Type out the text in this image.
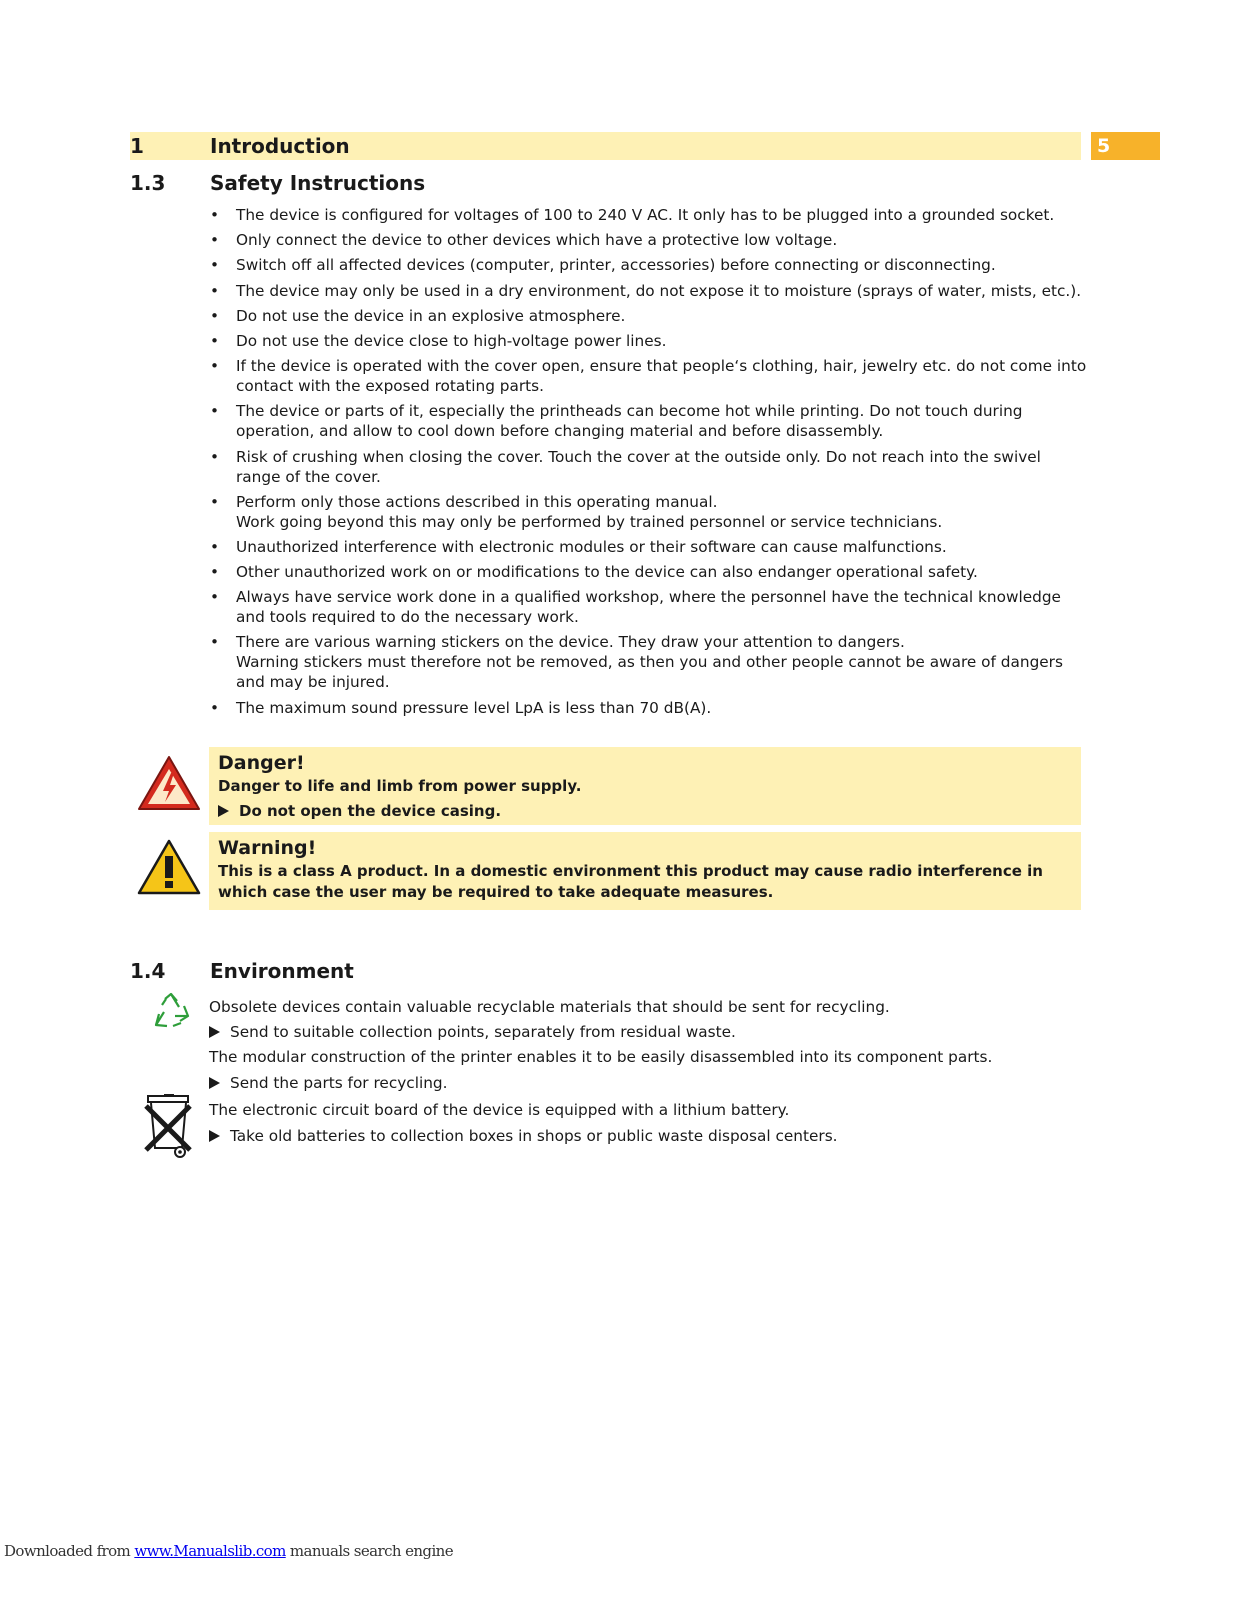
1	Introduction	5
1.3 Safety Instructions
• The device is configured for voltages of 100 to 240 V AC. It only has to be plugged into a grounded socket.
• Only connect the device to other devices which have a protective low voltage.
• Switch off all affected devices (computer, printer, accessories) before connecting or disconnecting.
• The device may only be used in a dry environment, do not expose it to moisture (sprays of water, mists, etc.).
• Do not use the device in an explosive atmosphere.
• Do not use the device close to high-voltage power lines.
• If the device is operated with the cover open, ensure that people‘s clothing, hair, jewelry etc. do not come into contact with the exposed rotating parts.
• The device or parts of it, especially the printheads can become hot while printing. Do not touch during operation, and allow to cool down before changing material and before disassembly.
• Risk of crushing when closing the cover. Touch the cover at the outside only. Do not reach into the swivel range of the cover.
• Perform only those actions described in this operating manual.
Work going beyond this may only be performed by trained personnel or service technicians.
• Unauthorized interference with electronic modules or their software can cause malfunctions.
• Other unauthorized work on or modifications to the device can also endanger operational safety.
• Always have service work done in a qualified workshop, where the personnel have the technical knowledge and tools required to do the necessary work.
• There are various warning stickers on the device. They draw your attention to dangers.
Warning stickers must therefore not be removed, as then you and other people cannot be aware of dangers and may be injured.
• The maximum sound pressure level LpA is less than 70 dB(A).
Danger!
Danger to life and limb from power supply.
Do not open the device casing.
Warning!
This is a class A product. In a domestic environment this product may cause radio interference in which case the user may be required to take adequate measures.
1.4 Environment
Obsolete devices contain valuable recyclable materials that should be sent for recycling.
Send to suitable collection points, separately from residual waste.
The modular construction of the printer enables it to be easily disassembled into its component parts.
Send the parts for recycling.
The electronic circuit board of the device is equipped with a lithium battery.
Take old batteries to collection boxes in shops or public waste disposal centers.
Downloaded from www.Manualslib.com manuals search engine
